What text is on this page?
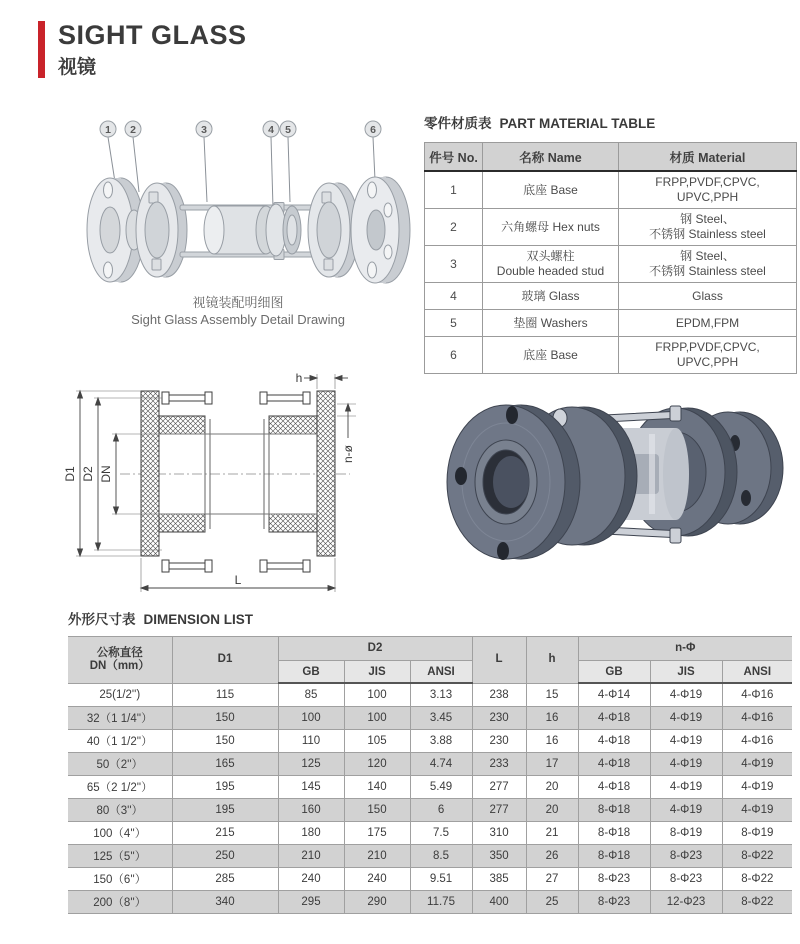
SIGHT GLASS
视镜
1 2	3	4 5	6
视镜装配明细图
Sight Glass Assembly Detail Drawing
零件材质表 PART MATERIAL TABLE
件号 No.	名称 Name	材质 Material
1	底座 Base	FRPP,PVDF,CPVC,
UPVC,PPH
2	六角螺母 Hex nuts	钢 Steel、
不锈钢 Stainless steel
3	双头螺柱
Double headed stud	钢 Steel、
不锈钢 Stainless steel
4	玻璃 Glass	Glass
5	垫圈 Washers	EPDM,FPM
6	底座 Base	FRPP,PVDF,CPVC,
UPVC,PPH
h
n-ø
DN
D2
D1
L
外形尺寸表 DIMENSION LIST
公称直径
DN（mm）	D1	D2			L	h	n-Φ		
		GB	JIS	ANSI			GB	JIS	ANSI
25(1/2'')	115	85	100	3.13	238	15	4-Φ14	4-Φ19	4-Φ16
32（1 1/4''）	150	100	100	3.45	230	16	4-Φ18	4-Φ19	4-Φ16
40（1 1/2''）	150	110	105	3.88	230	16	4-Φ18	4-Φ19	4-Φ16
50（2''）	165	125	120	4.74	233	17	4-Φ18	4-Φ19	4-Φ19
65（2 1/2''）	195	145	140	5.49	277	20	4-Φ18	4-Φ19	4-Φ19
80（3''）	195	160	150	6	277	20	8-Φ18	4-Φ19	4-Φ19
100（4''）	215	180	175	7.5	310	21	8-Φ18	8-Φ19	8-Φ19
125（5''）	250	210	210	8.5	350	26	8-Φ18	8-Φ23	8-Φ22
150（6''）	285	240	240	9.51	385	27	8-Φ23	8-Φ23	8-Φ22
200（8''）	340	295	290	11.75	400	25	8-Φ23	12-Φ23	8-Φ22
